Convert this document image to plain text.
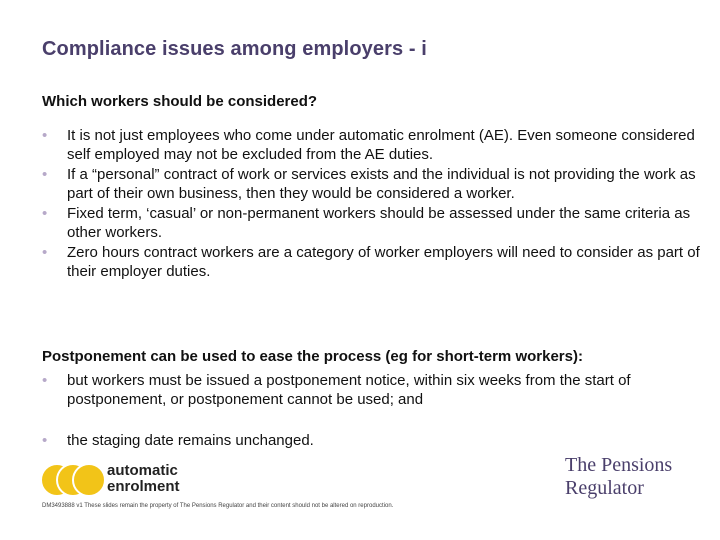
Compliance issues among employers - i
Which workers should be considered?
• It is not just employees who come under automatic enrolment (AE). Even someone considered self employed may not be excluded from the AE duties.
• If a “personal” contract of work or services exists and the individual is not providing the work as part of their own business, then they would be considered a worker.
• Fixed term, ‘casual’ or non-permanent workers should be assessed under the same criteria as other workers.
• Zero hours contract workers are a category of worker employers will need to consider as part of their employer duties.
Postponement can be used to ease the process (eg for short-term workers):
• but workers must be issued a postponement notice, within six weeks from the start of postponement, or postponement cannot be used; and
• the staging date remains unchanged.
automatic
enrolment
The Pensions
Regulator
DM3493888 v1 These slides remain the property of The Pensions Regulator and their content should not be altered on reproduction.
